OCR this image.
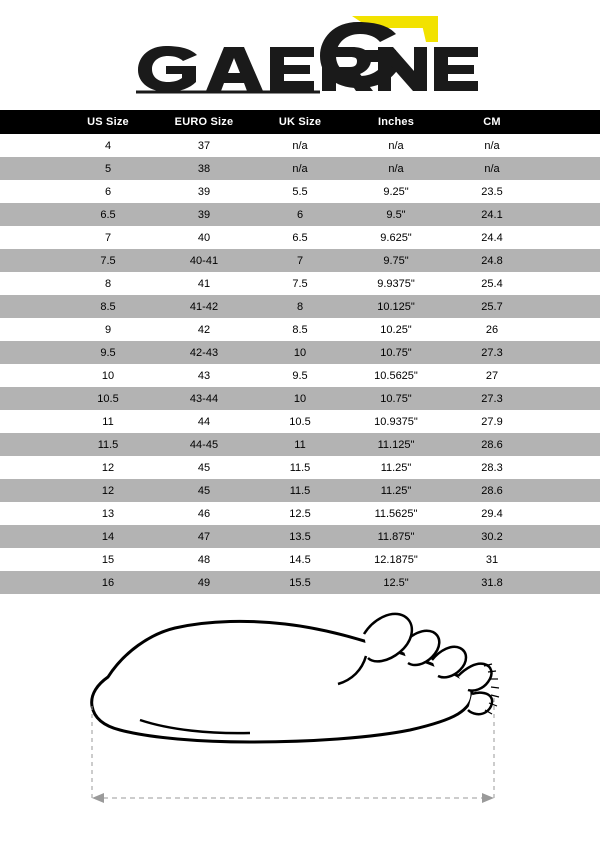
US Size	EURO Size	UK Size	Inches	CM
4	37	n/a	n/a	n/a
5	38	n/a	n/a	n/a
6	39	5.5	9.25"	23.5
6.5	39	6	9.5"	24.1
7	40	6.5	9.625"	24.4
7.5	40-41	7	9.75"	24.8
8	41	7.5	9.9375"	25.4
8.5	41-42	8	10.125"	25.7
9	42	8.5	10.25"	26
9.5	42-43	10	10.75"	27.3
10	43	9.5	10.5625"	27
10.5	43-44	10	10.75"	27.3
11	44	10.5	10.9375"	27.9
11.5	44-45	11	11.125"	28.6
12	45	11.5	11.25"	28.3
12	45	11.5	11.25"	28.6
13	46	12.5	11.5625"	29.4
14	47	13.5	11.875"	30.2
15	48	14.5	12.1875"	31
16	49	15.5	12.5"	31.8
